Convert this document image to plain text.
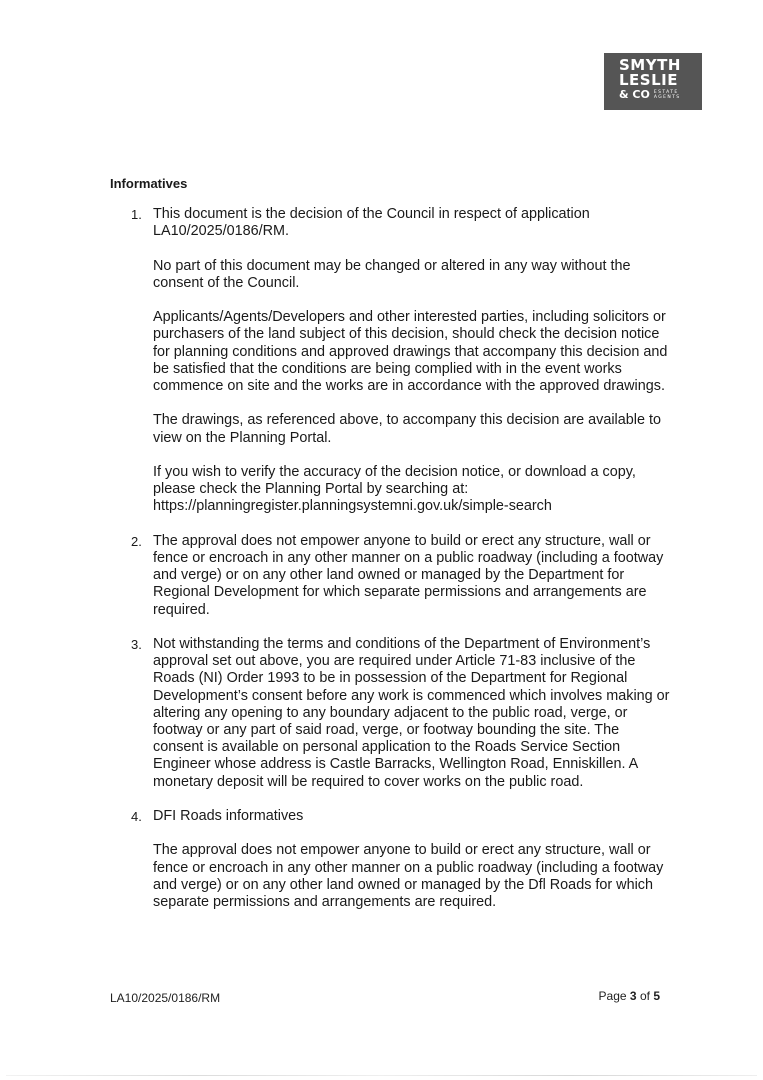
SMYTH
LESLIE
& CO ESTATE
AGENTS
Informatives
1. This document is the decision of the Council in respect of application LA10/2025/0186/RM.

No part of this document may be changed or altered in any way without the consent of the Council.

Applicants/Agents/Developers and other interested parties, including solicitors or purchasers of the land subject of this decision, should check the decision notice for planning conditions and approved drawings that accompany this decision and be satisfied that the conditions are being complied with in the event works commence on site and the works are in accordance with the approved drawings.

The drawings, as referenced above, to accompany this decision are available to view on the Planning Portal.

If you wish to verify the accuracy of the decision notice, or download a copy, please check the Planning Portal by searching at: https://planningregister.planningsystemni.gov.uk/simple-search

2. The approval does not empower anyone to build or erect any structure, wall or fence or encroach in any other manner on a public roadway (including a footway and verge) or on any other land owned or managed by the Department for Regional Development for which separate permissions and arrangements are required.

3. Not withstanding the terms and conditions of the Department of Environment’s approval set out above, you are required under Article 71-83 inclusive of the Roads (NI) Order 1993 to be in possession of the Department for Regional Development’s consent before any work is commenced which involves making or altering any opening to any boundary adjacent to the public road, verge, or footway or any part of said road, verge, or footway bounding the site. The consent is available on personal application to the Roads Service Section Engineer whose address is Castle Barracks, Wellington Road, Enniskillen. A monetary deposit will be required to cover works on the public road.

4. DFI Roads informatives

The approval does not empower anyone to build or erect any structure, wall or fence or encroach in any other manner on a public roadway (including a footway and verge) or on any other land owned or managed by the Dfl Roads for which separate permissions and arrangements are required.

LA10/2025/0186/RM	Page 3 of 5
